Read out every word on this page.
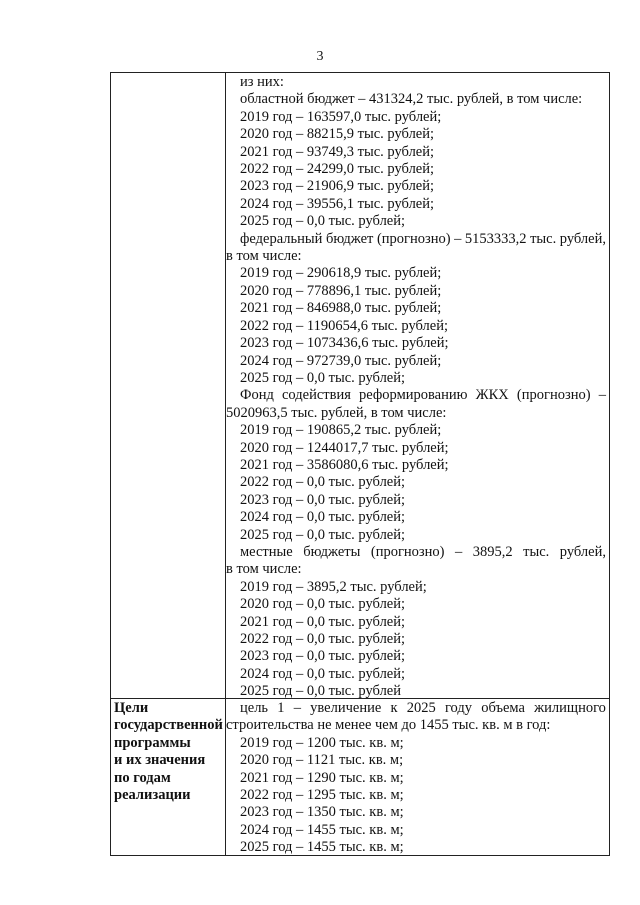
3
из них:
областной бюджет – 431324,2 тыс. рублей, в том числе:
2019 год – 163597,0 тыс. рублей;
2020 год – 88215,9 тыс. рублей;
2021 год – 93749,3 тыс. рублей;
2022 год – 24299,0 тыс. рублей;
2023 год – 21906,9 тыс. рублей;
2024 год – 39556,1 тыс. рублей;
2025 год – 0,0 тыс. рублей;
федеральный бюджет (прогнозно) – 5153333,2 тыс. рублей,
в том числе:
2019 год – 290618,9 тыс. рублей;
2020 год – 778896,1 тыс. рублей;
2021 год – 846988,0 тыс. рублей;
2022 год – 1190654,6 тыс. рублей;
2023 год – 1073436,6 тыс. рублей;
2024 год – 972739,0 тыс. рублей;
2025 год – 0,0 тыс. рублей;
Фонд содействия реформированию ЖКХ (прогнозно) –
5020963,5 тыс. рублей, в том числе:
2019 год – 190865,2 тыс. рублей;
2020 год – 1244017,7 тыс. рублей;
2021 год – 3586080,6 тыс. рублей;
2022 год – 0,0 тыс. рублей;
2023 год – 0,0 тыс. рублей;
2024 год – 0,0 тыс. рублей;
2025 год – 0,0 тыс. рублей;
местные бюджеты (прогнозно) – 3895,2 тыс. рублей,
в том числе:
2019 год – 3895,2 тыс. рублей;
2020 год – 0,0 тыс. рублей;
2021 год – 0,0 тыс. рублей;
2022 год – 0,0 тыс. рублей;
2023 год – 0,0 тыс. рублей;
2024 год – 0,0 тыс. рублей;
2025 год – 0,0 тыс. рублей
Цели
государственной
программы
и их значения
по годам
реализации
цель 1 – увеличение к 2025 году объема жилищного
строительства не менее чем до 1455 тыс. кв. м в год:
2019 год – 1200 тыс. кв. м;
2020 год – 1121 тыс. кв. м;
2021 год – 1290 тыс. кв. м;
2022 год – 1295 тыс. кв. м;
2023 год – 1350 тыс. кв. м;
2024 год – 1455 тыс. кв. м;
2025 год – 1455 тыс. кв. м;
